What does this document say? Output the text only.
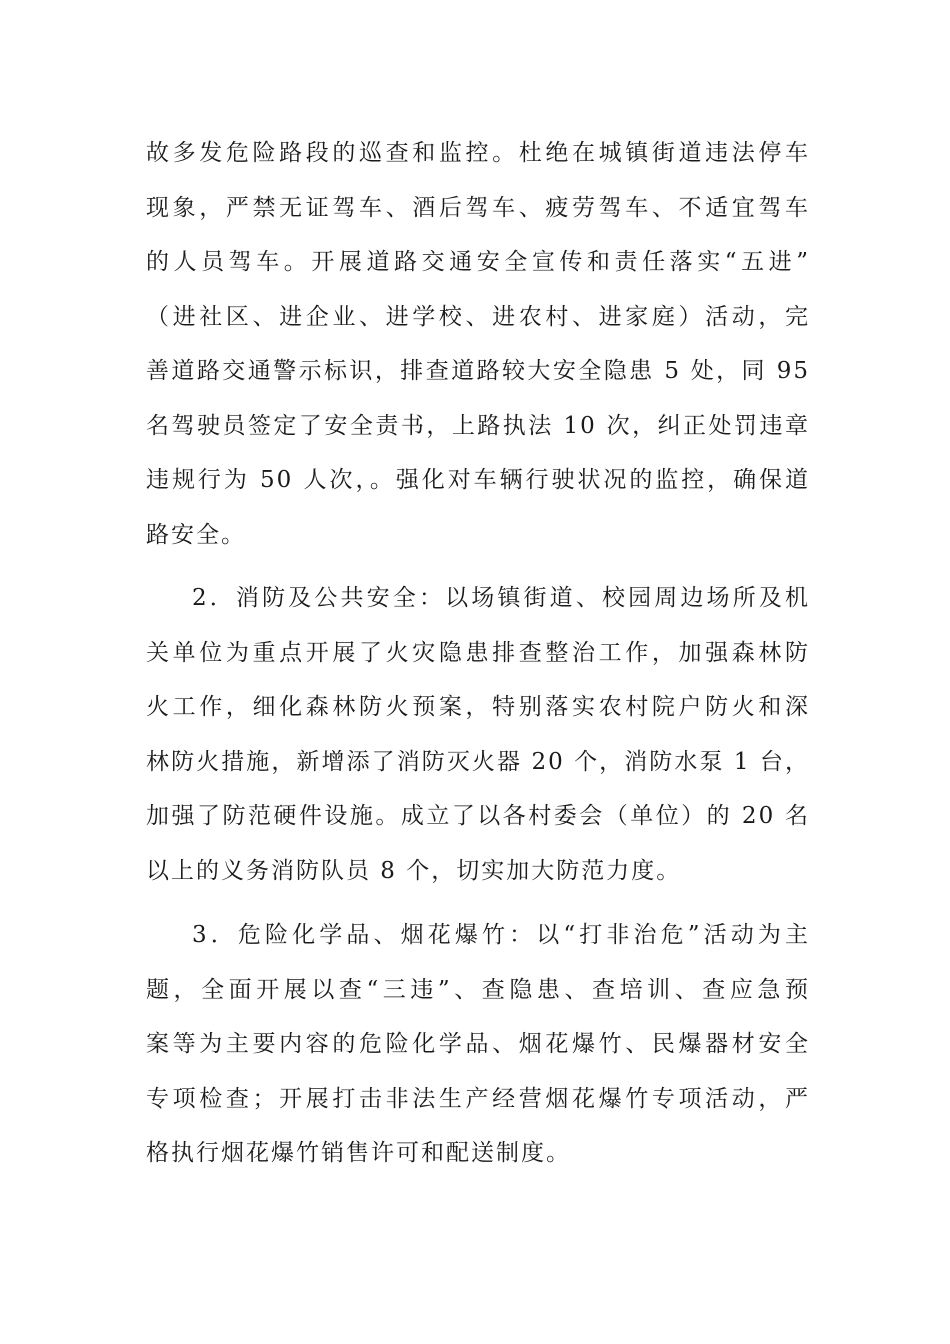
故多发危险路段的巡查和监控。杜绝在城镇街道违法停车
现象，严禁无证驾车、酒后驾车、疲劳驾车、不适宜驾车
的人员驾车。开展道路交通安全宣传和责任落实“五进”
（进社区、进企业、进学校、进农村、进家庭）活动，完
善道路交通警示标识，排查道路较大安全隐患 5 处，同 95
名驾驶员签定了安全责书，上路执法 10 次，纠正处罚违章
违规行为 50 人次，。强化对车辆行驶状况的监控，确保道
路安全。
2．消防及公共安全：以场镇街道、校园周边场所及机
关单位为重点开展了火灾隐患排查整治工作，加强森林防
火工作，细化森林防火预案，特别落实农村院户防火和深
林防火措施，新增添了消防灭火器 20 个，消防水泵 1 台，
加强了防范硬件设施。成立了以各村委会（单位）的 20 名
以上的义务消防队员 8 个，切实加大防范力度。
3．危险化学品、烟花爆竹：以“打非治危”活动为主
题，全面开展以查“三违”、查隐患、查培训、查应急预
案等为主要内容的危险化学品、烟花爆竹、民爆器材安全
专项检查；开展打击非法生产经营烟花爆竹专项活动，严
格执行烟花爆竹销售许可和配送制度。
